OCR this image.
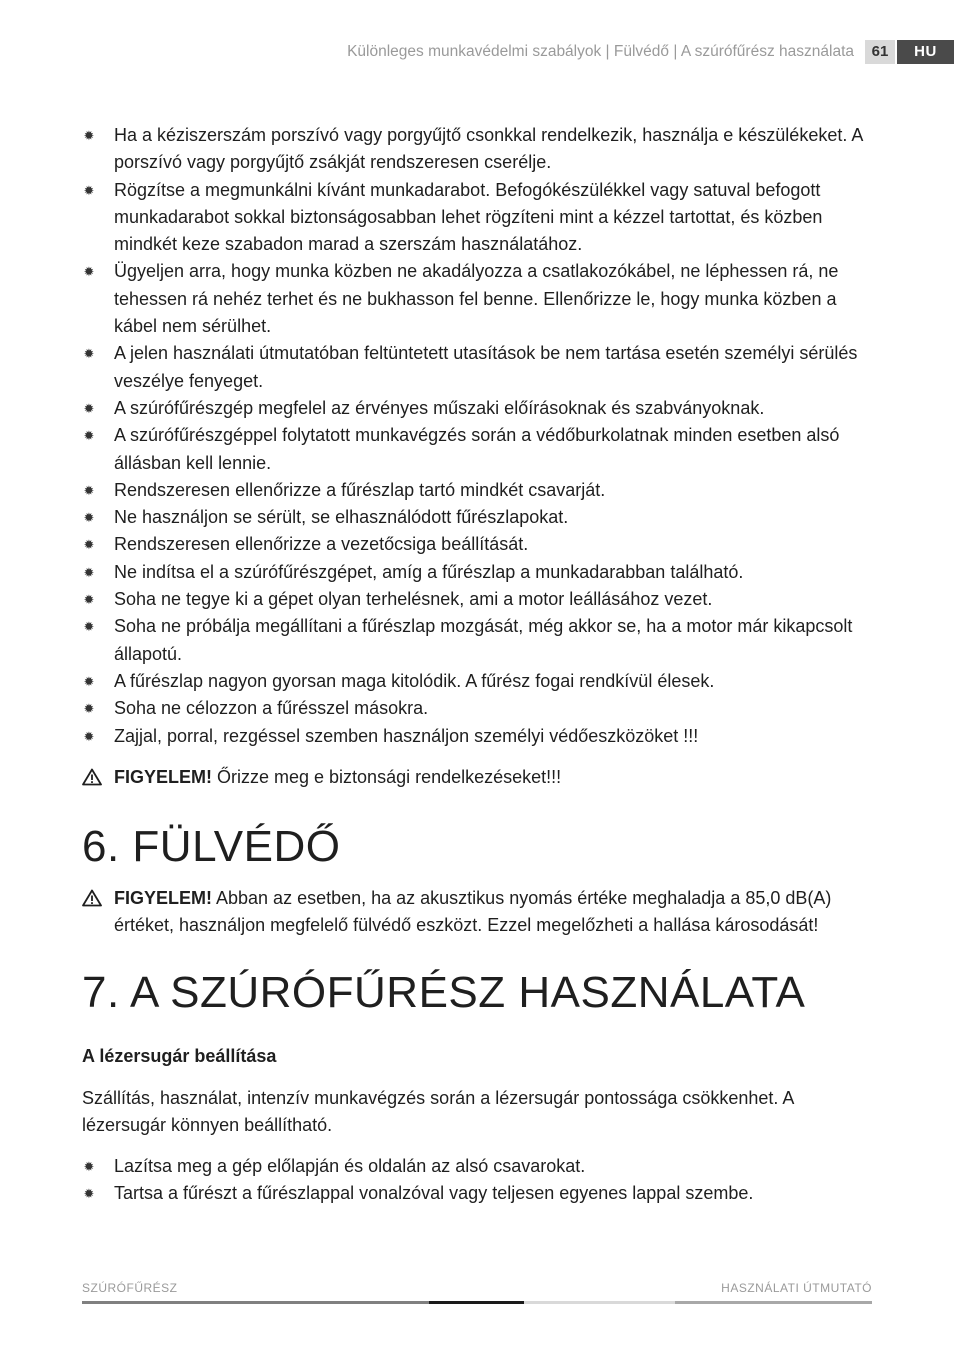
Különleges munkavédelmi szabályok | Fülvédő | A szúrófűrész használata	61	HU
✹ Ha a kéziszerszám porszívó vagy porgyűjtő csonkkal rendelkezik, használja e készülékeket. A porszívó vagy porgyűjtő zsákját rendszeresen cserélje.
✹ Rögzítse a megmunkálni kívánt munkadarabot. Befogókészülékkel vagy satuval befogott munkadarabot sokkal biztonságosabban lehet rögzíteni mint a kézzel tartottat, és közben mindkét keze szabadon marad a szerszám használatához.
✹ Ügyeljen arra, hogy munka közben ne akadályozza a csatlakozókábel, ne léphessen rá, ne tehessen rá nehéz terhet és ne bukhasson fel benne. Ellenőrizze le, hogy munka közben a kábel nem sérülhet.
✹ A jelen használati útmutatóban feltüntetett utasítások be nem tartása esetén személyi sérülés veszélye fenyeget.
✹ A szúrófűrészgép megfelel az érvényes műszaki előírásoknak és szabványoknak.
✹ A szúrófűrészgéppel folytatott munkavégzés során a védőburkolatnak minden esetben alsó állásban kell lennie.
✹ Rendszeresen ellenőrizze a fűrészlap tartó mindkét csavarját.
✹ Ne használjon se sérült, se elhasználódott fűrészlapokat.
✹ Rendszeresen ellenőrizze a vezetőcsiga beállítását.
✹ Ne indítsa el a szúrófűrészgépet, amíg a fűrészlap a munkadarabban található.
✹ Soha ne tegye ki a gépet olyan terhelésnek, ami a motor leállásához vezet.
✹ Soha ne próbálja megállítani a fűrészlap mozgását, még akkor se, ha a motor már kikapcsolt állapotú.
✹ A fűrészlap nagyon gyorsan maga kitolódik. A fűrész fogai rendkívül élesek.
✹ Soha ne célozzon a fűrésszel másokra.
✹ Zajjal, porral, rezgéssel szemben használjon személyi védőeszközöket !!!
FIGYELEM! Őrizze meg e biztonsági rendelkezéseket!!!
6. FÜLVÉDŐ
FIGYELEM! Abban az esetben, ha az akusztikus nyomás értéke meghaladja a 85,0 dB(A) értéket, használjon megfelelő fülvédő eszközt. Ezzel megelőzheti a hallása károsodását!
7. A SZÚRÓFŰRÉSZ HASZNÁLATA
A lézersugár beállítása

Szállítás, használat, intenzív munkavégzés során a lézersugár pontossága csökkenhet. A lézersugár könnyen beállítható.

✹ Lazítsa meg a gép előlapján és oldalán az alsó csavarokat.
✹ Tartsa a fűrészt a fűrészlappal vonalzóval vagy teljesen egyenes lappal szembe.
SZÚRÓFŰRÉSZ	HASZNÁLATI ÚTMUTATÓ
